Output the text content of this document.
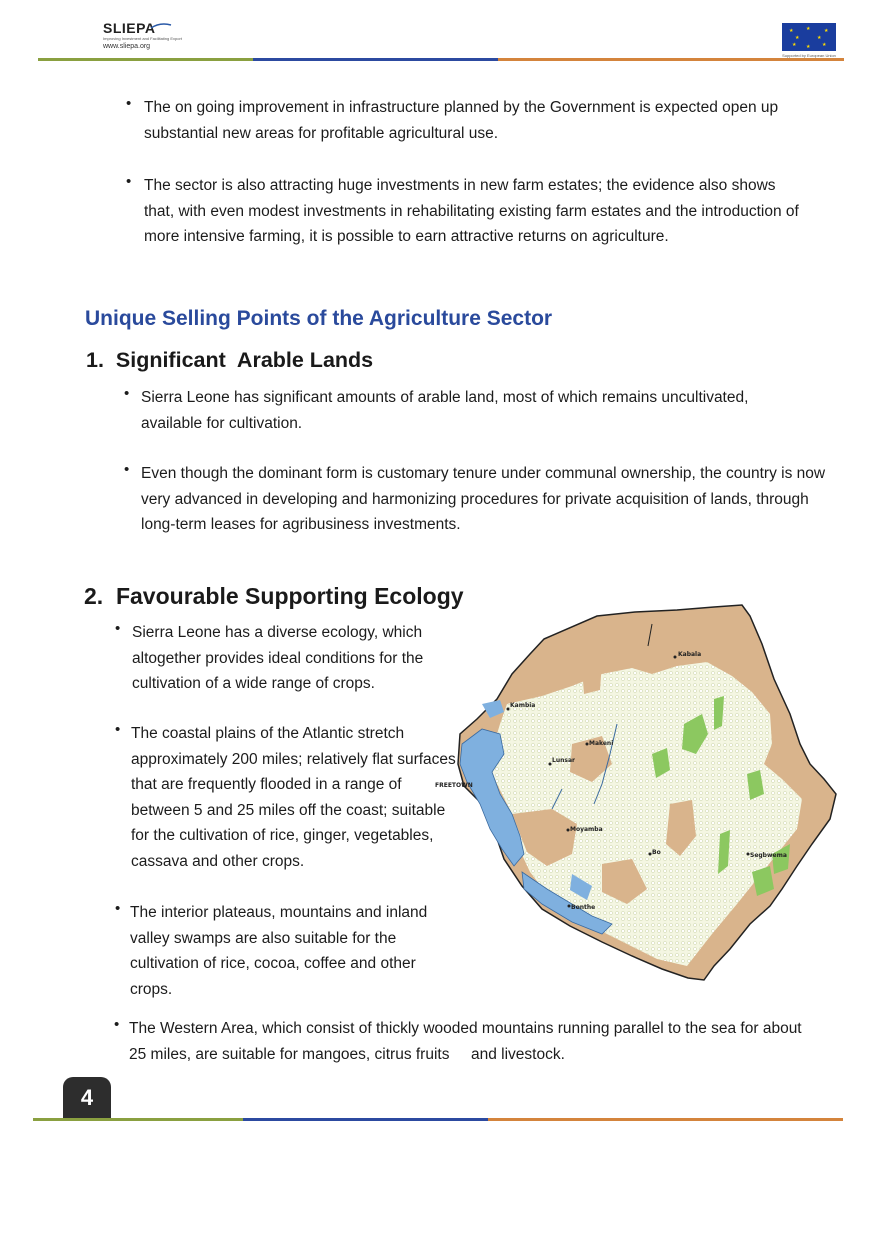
SLIEPA
Improving Investment and Facilitating Export
www.sliepa.org
★	★	★
★	★
★ ★ ★
Supported by European Union
• The on going improvement in infrastructure planned by the Government is expected open up substantial new areas for profitable agricultural use.

• The sector is also attracting huge investments in new farm estates; the evidence also shows that, with even modest investments in rehabilitating existing farm estates and the introduction of more intensive farming, it is possible to earn attractive returns on agriculture.

Unique Selling Points of the Agriculture Sector
1.  Significant  Arable Lands
• Sierra Leone has significant amounts of arable land, most of which remains uncultivated, available for cultivation.

• Even though the dominant form is customary tenure under communal ownership, the country is now very advanced in developing and harmonizing procedures for private acquisition of lands, through long-term leases for agribusiness investments.

2.  Favourable Supporting Ecology
• Sierra Leone has a diverse ecology, which altogether provides ideal conditions for the cultivation of a wide range of crops.

• The coastal plains of the Atlantic stretch approximately 200 miles; relatively flat surfaces that are frequently flooded in a range of between 5 and 25 miles off the coast; suitable for the cultivation of rice, ginger, vegetables, cassava and other crops.

• The interior plateaus, mountains and inland valley swamps are also suitable for the cultivation of rice, cocoa, coffee and other crops.

• The Western Area, which consist of thickly wooded mountains running parallel to the sea for about 25 miles, are suitable for mangoes, citrus fruits     and livestock.

Kabala
Kambia
Makeni
Lunsar
FREETOWN
Moyamba
Bo	Segbwema
Bonthe
4
